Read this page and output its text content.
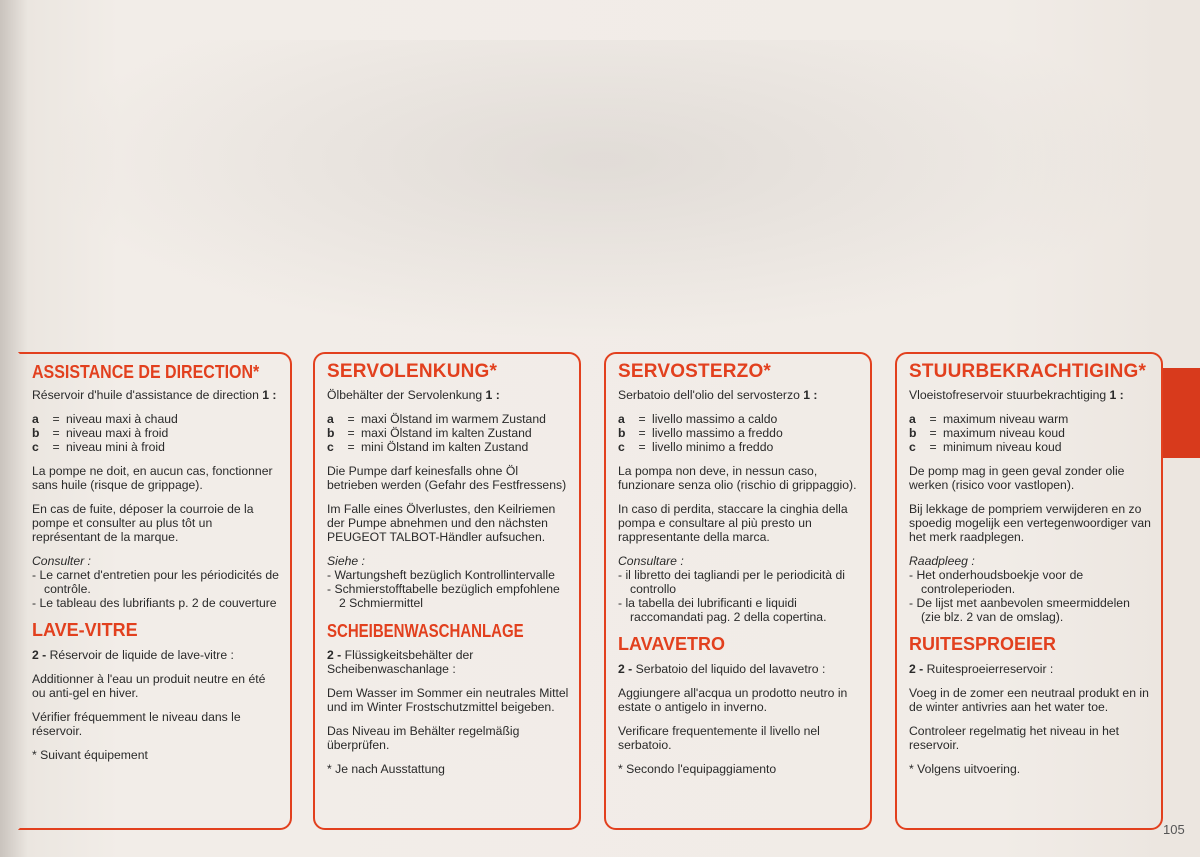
ASSISTANCE DE DIRECTION*

Réservoir d'huile d'assistance de direction 1 :

a = niveau maxi à chaud
b = niveau maxi à froid
c = niveau mini à froid

La pompe ne doit, en aucun cas, fonctionner sans huile (risque de grippage).

En cas de fuite, déposer la courroie de la pompe et consulter au plus tôt un représentant de la marque.

Consulter :
- Le carnet d'entretien pour les périodicités de contrôle.
- Le tableau des lubrifiants p. 2 de couverture
LAVE-VITRE

2 - Réservoir de liquide de lave-vitre :

Additionner à l'eau un produit neutre en été ou anti-gel en hiver.

Vérifier fréquemment le niveau dans le réservoir.

* Suivant équipement
SERVOLENKUNG*

Ölbehälter der Servolenkung 1 :

a = maxi Ölstand im warmem Zustand
b = maxi Ölstand im kalten Zustand
c = mini Ölstand im kalten Zustand

Die Pumpe darf keinesfalls ohne Öl betrieben werden (Gefahr des Festfressens)

Im Falle eines Ölverlustes, den Keilriemen der Pumpe abnehmen und den nächsten PEUGEOT TALBOT-Händler aufsuchen.

Siehe :
- Wartungsheft bezüglich Kontrollintervalle
- Schmierstofftabelle bezüglich empfohlene 2 Schmiermittel
SCHEIBENWASCHANLAGE

2 - Flüssigkeitsbehälter der Scheibenwaschanlage :

Dem Wasser im Sommer ein neutrales Mittel und im Winter Frostschutzmittel beigeben.

Das Niveau im Behälter regelmäßig überprüfen.

* Je nach Ausstattung
SERVOSTERZO*

Serbatoio dell'olio del servosterzo 1 :

a = livello massimo a caldo
b = livello massimo a freddo
c = livello minimo a freddo

La pompa non deve, in nessun caso, funzionare senza olio (rischio di grippaggio).

In caso di perdita, staccare la cinghia della pompa e consultare al più presto un rappresentante della marca.

Consultare :
- il libretto dei tagliandi per le periodicità di controllo
- la tabella dei lubrificanti e liquidi raccomandati pag. 2 della copertina.
LAVAVETRO

2 - Serbatoio del liquido del lavavetro :

Aggiungere all'acqua un prodotto neutro in estate o antigelo in inverno.

Verificare frequentemente il livello nel serbatoio.

* Secondo l'equipaggiamento
STUURBEKRACHTIGING*

Vloeistofreservoir stuurbekrachtiging 1 :

a = maximum niveau warm
b = maximum niveau koud
c = minimum niveau koud

De pomp mag in geen geval zonder olie werken (risico voor vastlopen).

Bij lekkage de pompriem verwijderen en zo spoedig mogelijk een vertegenwoordiger van het merk raadplegen.

Raadpleeg :
- Het onderhoudsboekje voor de controleperioden.
- De lijst met aanbevolen smeermiddelen (zie blz. 2 van de omslag).
RUITESPROEIER

2 - Ruitesproeierreservoir :

Voeg in de zomer een neutraal produkt en in de winter antivries aan het water toe.

Controleer regelmatig het niveau in het reservoir.

* Volgens uitvoering.
105
